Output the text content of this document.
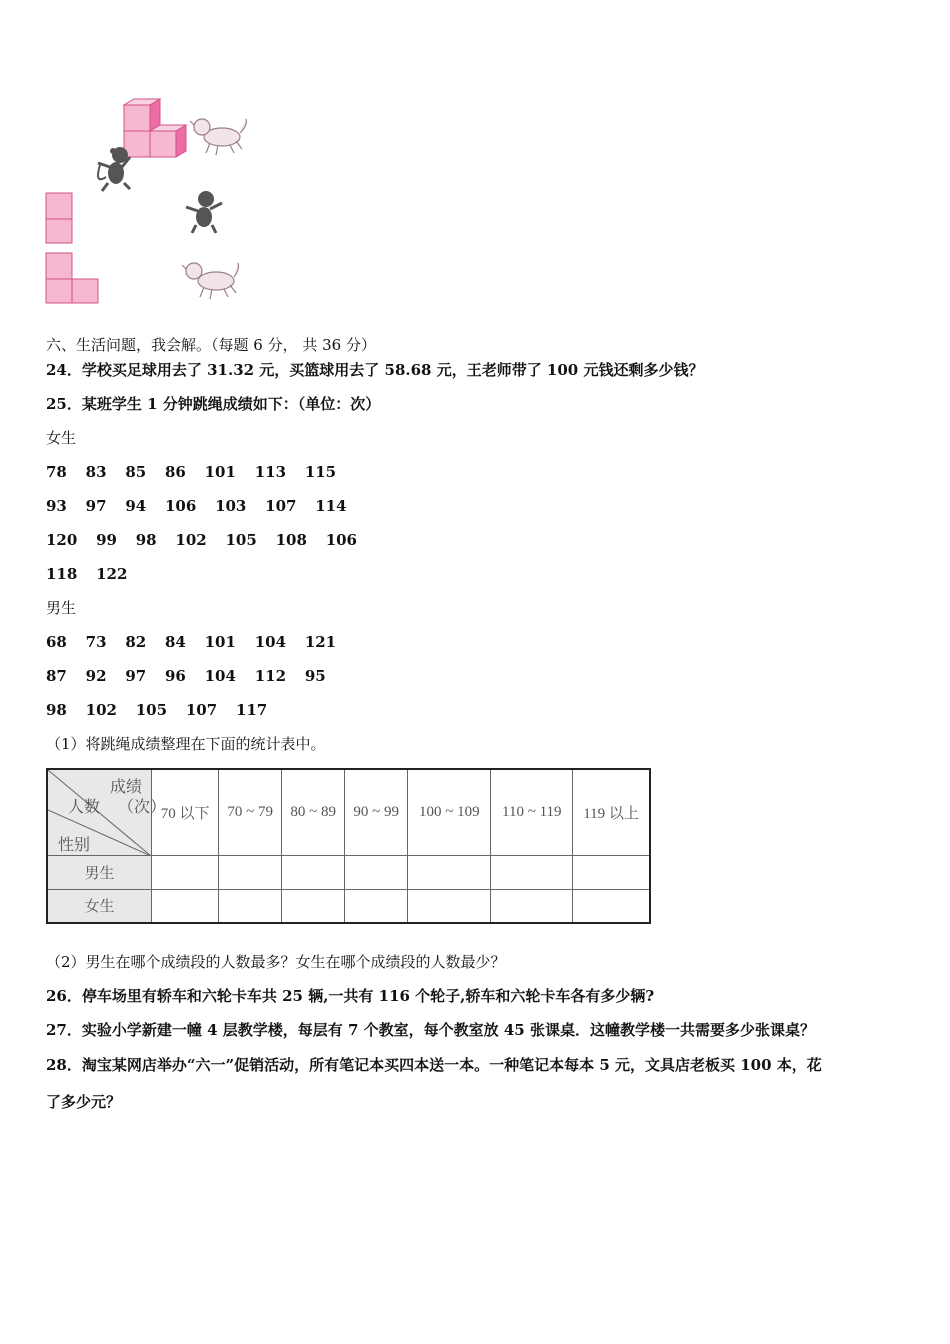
六、生活问题，我会解。（每题 6 分， 共 36 分）
24．学校买足球用去了 31.32 元，买篮球用去了 58.68 元，王老师带了 100 元钱还剩多少钱？
25．某班学生 1 分钟跳绳成绩如下：（单位：次）
女生
78 83 85 86 101 113 115
93 97 94 106 103 107 114
120 99 98 102 105 108 106
118 122
男生
68 73 82 84 101 104 121
87 92 97 96 104 112 95
98 102 105 107 117
（1）将跳绳成绩整理在下面的统计表中。
成绩
（次）
人数
性别	70 以下	70 ~ 79	80 ~ 89	90 ~ 99	100 ~ 109	110 ~ 119	119 以上
男生							
女生							
（2）男生在哪个成绩段的人数最多？女生在哪个成绩段的人数最少？
26．停车场里有轿车和六轮卡车共 25 辆,一共有 116 个轮子,轿车和六轮卡车各有多少辆?
27．实验小学新建一幢 4 层教学楼，每层有 7 个教室，每个教室放 45 张课桌．这幢教学楼一共需要多少张课桌？
28．淘宝某网店举办“六一”促销活动，所有笔记本买四本送一本。一种笔记本每本 5 元，文具店老板买 100 本，花
了多少元？
